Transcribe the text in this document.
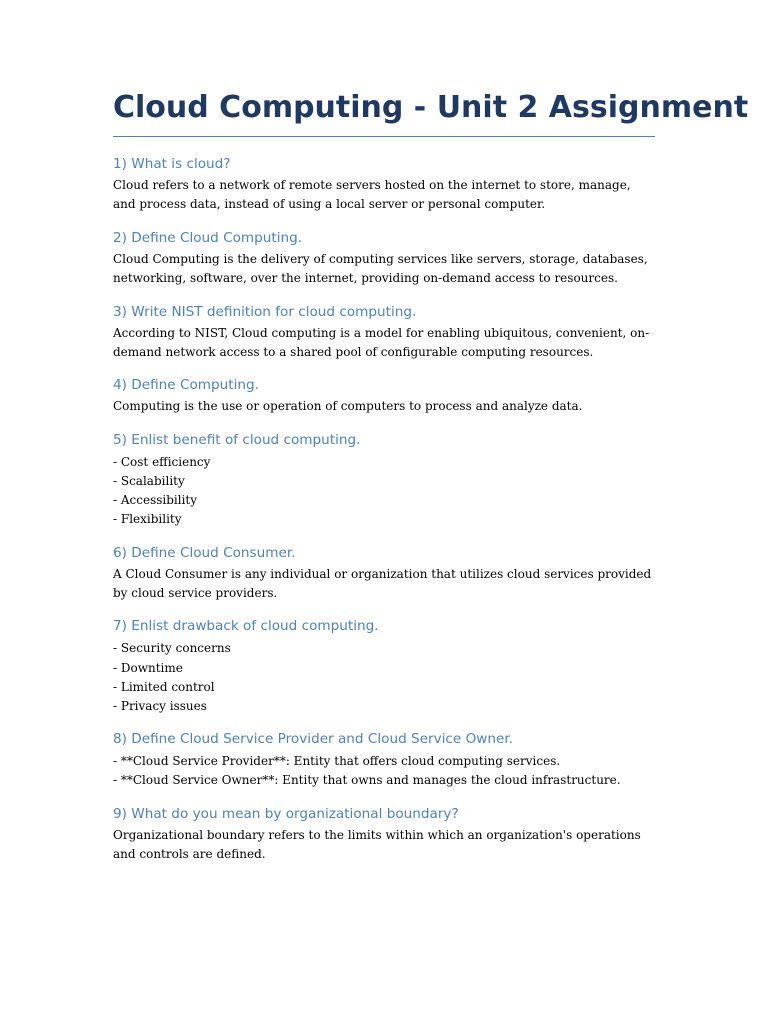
Cloud Computing - Unit 2 Assignment
1) What is cloud?

Cloud refers to a network of remote servers hosted on the internet to store, manage, and process data, instead of using a local server or personal computer.

2) Define Cloud Computing.

Cloud Computing is the delivery of computing services like servers, storage, databases, networking, software, over the internet, providing on-demand access to resources.

3) Write NIST definition for cloud computing.

According to NIST, Cloud computing is a model for enabling ubiquitous, convenient, on-demand network access to a shared pool of configurable computing resources.

4) Define Computing.

Computing is the use or operation of computers to process and analyze data.

5) Enlist benefit of cloud computing.
- Cost efficiency
- Scalability
- Accessibility
- Flexibility
6) Define Cloud Consumer.

A Cloud Consumer is any individual or organization that utilizes cloud services provided by cloud service providers.

7) Enlist drawback of cloud computing.
- Security concerns
- Downtime
- Limited control
- Privacy issues
8) Define Cloud Service Provider and Cloud Service Owner.
- **Cloud Service Provider**: Entity that offers cloud computing services.
- **Cloud Service Owner**: Entity that owns and manages the cloud infrastructure.
9) What do you mean by organizational boundary?

Organizational boundary refers to the limits within which an organization's operations and controls are defined.
